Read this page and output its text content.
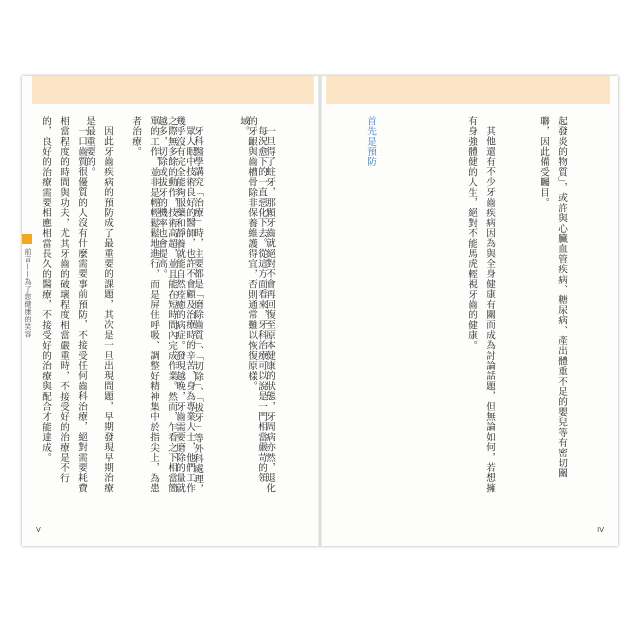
前言——為了您健康的笑容

	每況愈下的一直惡化下去。從這方面看來，牙科治療可以說是一門相當嚴苛的領域。

眾人眼中技術良好的醫師，也許不會顧及治療時的辛苦，身為專業人士，他們工作之際無多餘的動作，技術高超，並且能在短時間內完成作業。然而，乍看之下相當簡單的工作，並非是輕輕鬆鬆地進行，而是屏住呼吸、調整好精神集中於指尖上，為患者治療。

一口齒質很優質的人沒有什麼需要事前預防，不接受任何齒科治療，絕對需要耗費相當程度的時間與功夫，尤其牙齒的破壞程度相當嚴重時，不接受好的治療是不行的，良好的治療需要相應相當長久的醫療，不接受好的治療與配合才能達成。

V

起發炎的物質」，或許與心臟血管疾病、糖尿病、產出體重不足的嬰兒等有密切關聯，因此備受矚目。

其他還有不少牙齒疾病因為與全身健康有關而成為討論話題，但無論如何，若想擁有身強體健的人生，絕對不能馬虎輕視牙齒的健康。

首先是預防

一旦得了蛀牙，那顆牙齒就絕對不會再回復至原本健康的狀態，牙周病亦然，退化的牙齦與齒槽骨除非保養維護得宜，否則通常難以恢復原樣。

牙科醫學講究「治療」時，主要都是「磨除齒質」、「切除」、「拔牙」等外科處理，幾乎沒有完全能夠服藥和靜養就能自然痊癒的病症。發現越晚，牙齒需要磨除的量就越多，切除或拔牙的機率也會提高。

因此牙齒疾病的預防成了最重要的課題，其次是一旦出現問題，早期發現早期治療是最重要的。

IV
